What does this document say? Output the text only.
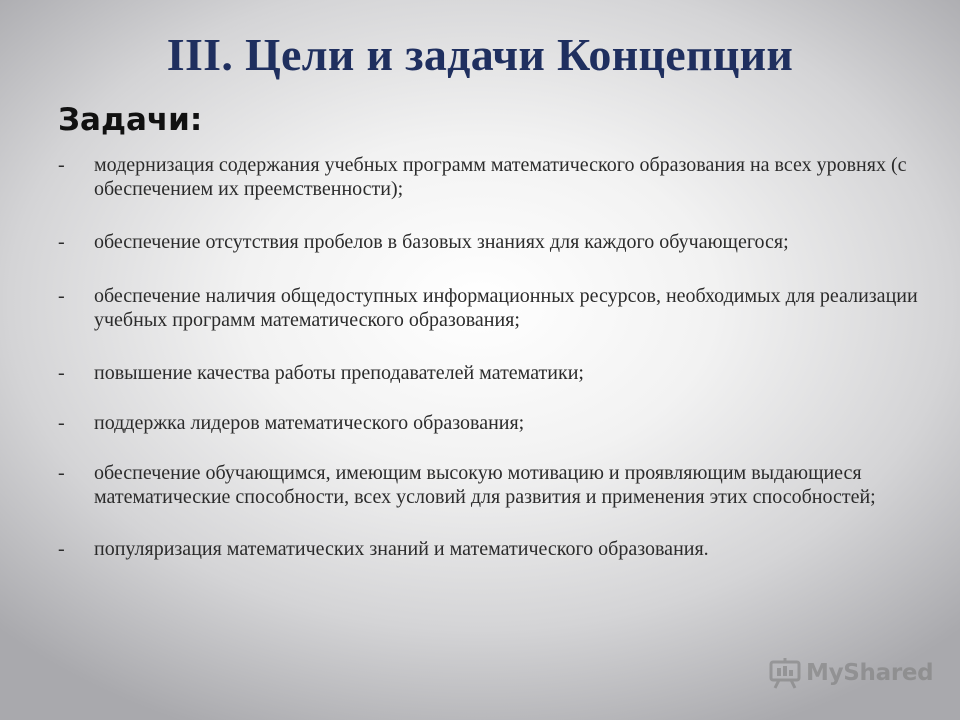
III. Цели и задачи Концепции
Задачи:
-	модернизация содержания учебных программ математического образования на всех уровнях (с обеспечением их преемственности);
-	обеспечение отсутствия пробелов в базовых знаниях для каждого обучающегося;
-	обеспечение наличия общедоступных информационных ресурсов, необходимых для реализации учебных программ математического образования;
-	повышение качества работы преподавателей математики;
-	поддержка лидеров математического образования;
-	обеспечение обучающимся, имеющим высокую мотивацию и проявляющим выдающиеся математические способности, всех условий для развития и применения этих способностей;
-	популяризация математических знаний и математического образования.
MyShared
